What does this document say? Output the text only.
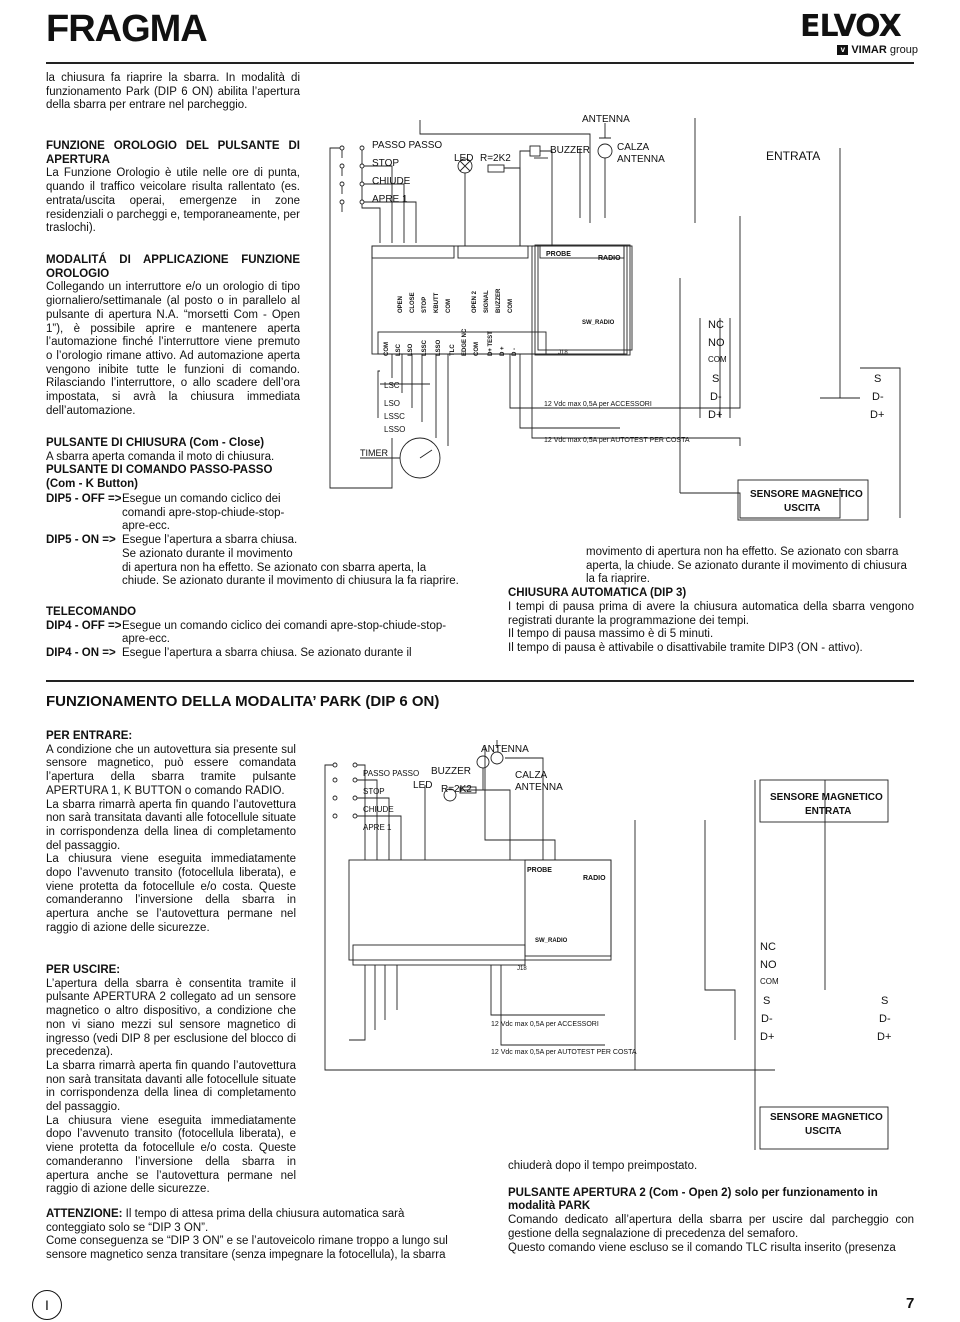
FRAGMA	ELVOX
v VIMAR group
la chiusura fa riaprire la sbarra. In modalità di funzionamento Park (DIP 6 ON) abilita l’apertura della sbarra per entrare nel parcheggio.

FUNZIONE OROLOGIO DEL PULSANTE DI APERTURA

La Funzione Orologio è utile nelle ore di punta, quando il traffico veicolare risulta rallentato (es. entrata/uscita operai, emergenze in zone residenziali o parcheggi e, temporaneamente, per traslochi).

MODALITÁ DI APPLICAZIONE FUNZIONE OROLOGIO

Collegando un interruttore e/o un orologio di tipo giornaliero/settimanale (al posto o in parallelo al pulsante di apertura N.A. “morsetti Com - Open 1”), è possibile aprire e mantenere aperta l’automazione finché l’interruttore viene premuto o l’orologio rimane attivo. Ad automazione aperta vengono inibite tutte le funzioni di comando. Rilasciando l’interruttore, o allo scadere dell’ora impostata, si avrà la chiusura immediata dell’automazione.

PULSANTE DI CHIUSURA (Com - Close)

A sbarra aperta comanda il moto di chiusura.

PULSANTE DI COMANDO PASSO-PASSO (Com - K Button)

DIP5 - OFF => Esegue un comando ciclico dei comandi apre-stop-chiude-stop-apre-ecc.
DIP5 - ON => Esegue l’apertura a sbarra chiusa.
Se azionato durante il movimento
di apertura non ha effetto. Se azionato con sbarra aperta, la chiude. Se azionato durante il movimento di chiusura la fa riaprire.

TELECOMANDO

DIP4 - OFF => Esegue un comando ciclico dei comandi apre-stop-chiude-stop-apre-ecc.
DIP4 - ON => Esegue l’apertura a sbarra chiusa. Se azionato durante il

movimento di apertura non ha effetto. Se azionato con sbarra aperta, la chiude. Se azionato durante il movimento di chiusura la fa riaprire.

CHIUSURA AUTOMATICA (DIP 3)

I tempi di pausa prima di avere la chiusura automatica della sbarra vengono registrati durante la programmazione dei tempi.

Il tempo di pausa massimo è di 5 minuti.

Il tempo di pausa è attivabile o disattivabile tramite DIP3 (ON - attivo).

ANTENNA
PASSO PASSO
STOP
CHIUDE
APRE 1
LED R=2K2
BUZZER	CALZA
ANTENNA	ENTRATA
PROBE
RADIO
SW_RADIO
J18
NC
NO
COM
S
D-
D+
S
D-
D+
LSC
LSO
LSSC
LSSO
TIMER
12 Vdc max 0,5A per ACCESSORI
12 Vdc max 0,5A per AUTOTEST PER COSTA
SENSORE MAGNETICO
USCITA
OPEN CLOSE STOP KBUTT COM	OPEN 2 SIGNAL BUZZER COM
COM LSC LSO LSSC LSSO TLC EDGE NC COM D+ TEST D + D -
FUNZIONAMENTO DELLA MODALITA’ PARK (DIP 6 ON)

PER ENTRARE:

A condizione che un autovettura sia presente sul sensore magnetico, può essere comandata l’apertura della sbarra tramite pulsante APERTURA 1, K BUTTON o comando RADIO.

La sbarra rimarrà aperta fin quando l’autovettura non sarà transitata davanti alle fotocellule situate in corrispondenza della linea di completamento del passaggio.

La chiusura viene eseguita immediatamente dopo l’avvenuto transito (fotocellula liberata), e viene protetta da fotocellule e/o costa. Queste comanderanno l’inversione della sbarra in apertura anche se l’autovettura permane nel raggio di azione delle sicurezze.

PER USCIRE:

L’apertura della sbarra è consentita tramite il pulsante APERTURA 2 collegato ad un sensore magnetico o altro dispositivo, a condizione che non vi siano mezzi sul sensore magnetico di ingresso (vedi DIP 8 per esclusione del blocco di precedenza).

La sbarra rimarrà aperta fin quando l’autovettura non sarà transitata davanti alle fotocellule situate in corrispondenza della linea di completamento del passaggio.

La chiusura viene eseguita immediatamente dopo l’avvenuto transito (fotocellula liberata), e viene protetta da fotocellule e/o costa. Queste comanderanno l’inversione della sbarra in apertura anche se l’autovettura permane nel raggio di azione delle sicurezze.

ATTENZIONE: Il tempo di attesa prima della chiusura automatica sarà conteggiato solo se “DIP 3 ON”.

Come conseguenza se “DIP 3 ON” e se l’autoveicolo rimane troppo a lungo sul sensore magnetico senza transitare (senza impegnare la fotocellula), la sbarra

chiuderà dopo il tempo preimpostato.

PULSANTE APERTURA 2 (Com - Open 2) solo per funzionamento in modalità PARK

Comando dedicato all’apertura della sbarra per uscire dal parcheggio con gestione della segnalazione di precedenza del semaforo.

Questo comando viene escluso se il comando TLC risulta inserito (presenza

ANTENNA
PASSO PASSO
STOP
CHIUDE
APRE 1
BUZZER
LED R=2K2
CALZA
ANTENNA
SENSORE MAGNETICO
ENTRATA
PROBE
RADIO
SW_RADIO
J18
NC
NO
COM
S
D-
D+
S
D-
D+
12 Vdc max 0,5A per ACCESSORI
12 Vdc max 0,5A per AUTOTEST PER COSTA
SENSORE MAGNETICO
USCITA
I	7
